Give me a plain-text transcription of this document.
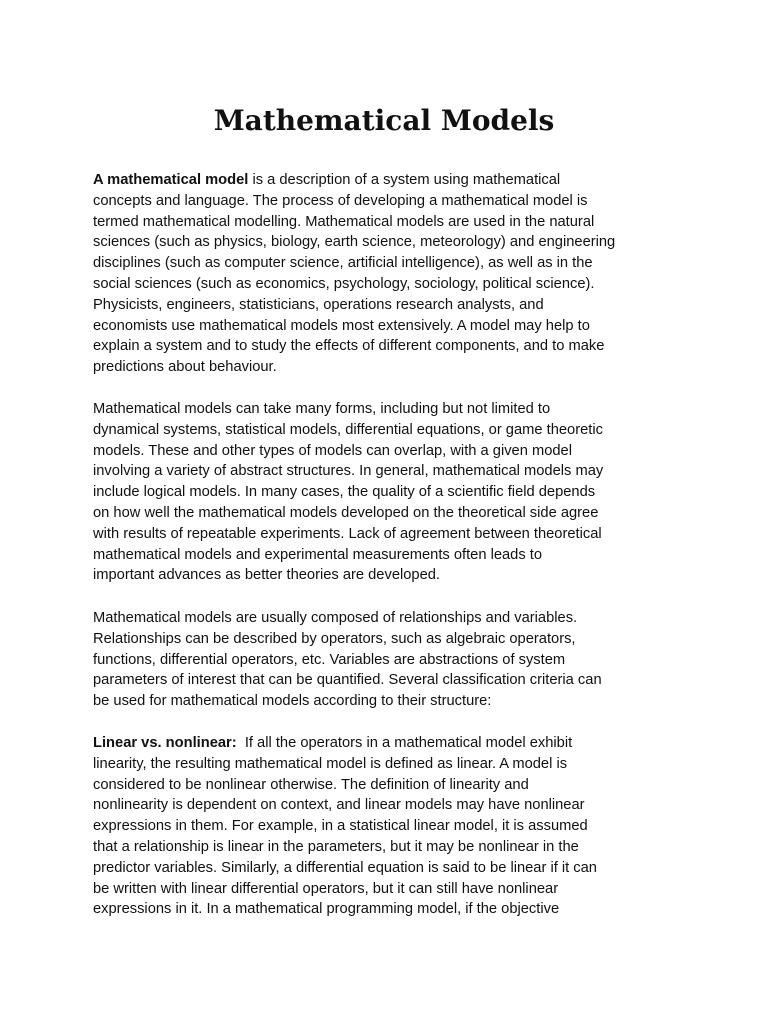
Mathematical Models

A mathematical model is a description of a system using mathematical
concepts and language. The process of developing a mathematical model is
termed mathematical modelling. Mathematical models are used in the natural
sciences (such as physics, biology, earth science, meteorology) and engineering
disciplines (such as computer science, artificial intelligence), as well as in the
social sciences (such as economics, psychology, sociology, political science).
Physicists, engineers, statisticians, operations research analysts, and
economists use mathematical models most extensively. A model may help to
explain a system and to study the effects of different components, and to make
predictions about behaviour.

Mathematical models can take many forms, including but not limited to
dynamical systems, statistical models, differential equations, or game theoretic
models. These and other types of models can overlap, with a given model
involving a variety of abstract structures. In general, mathematical models may
include logical models. In many cases, the quality of a scientific field depends
on how well the mathematical models developed on the theoretical side agree
with results of repeatable experiments. Lack of agreement between theoretical
mathematical models and experimental measurements often leads to
important advances as better theories are developed.

Mathematical models are usually composed of relationships and variables.
Relationships can be described by operators, such as algebraic operators,
functions, differential operators, etc. Variables are abstractions of system
parameters of interest that can be quantified. Several classification criteria can
be used for mathematical models according to their structure:

Linear vs. nonlinear:  If all the operators in a mathematical model exhibit
linearity, the resulting mathematical model is defined as linear. A model is
considered to be nonlinear otherwise. The definition of linearity and
nonlinearity is dependent on context, and linear models may have nonlinear
expressions in them. For example, in a statistical linear model, it is assumed
that a relationship is linear in the parameters, but it may be nonlinear in the
predictor variables. Similarly, a differential equation is said to be linear if it can
be written with linear differential operators, but it can still have nonlinear
expressions in it. In a mathematical programming model, if the objective
